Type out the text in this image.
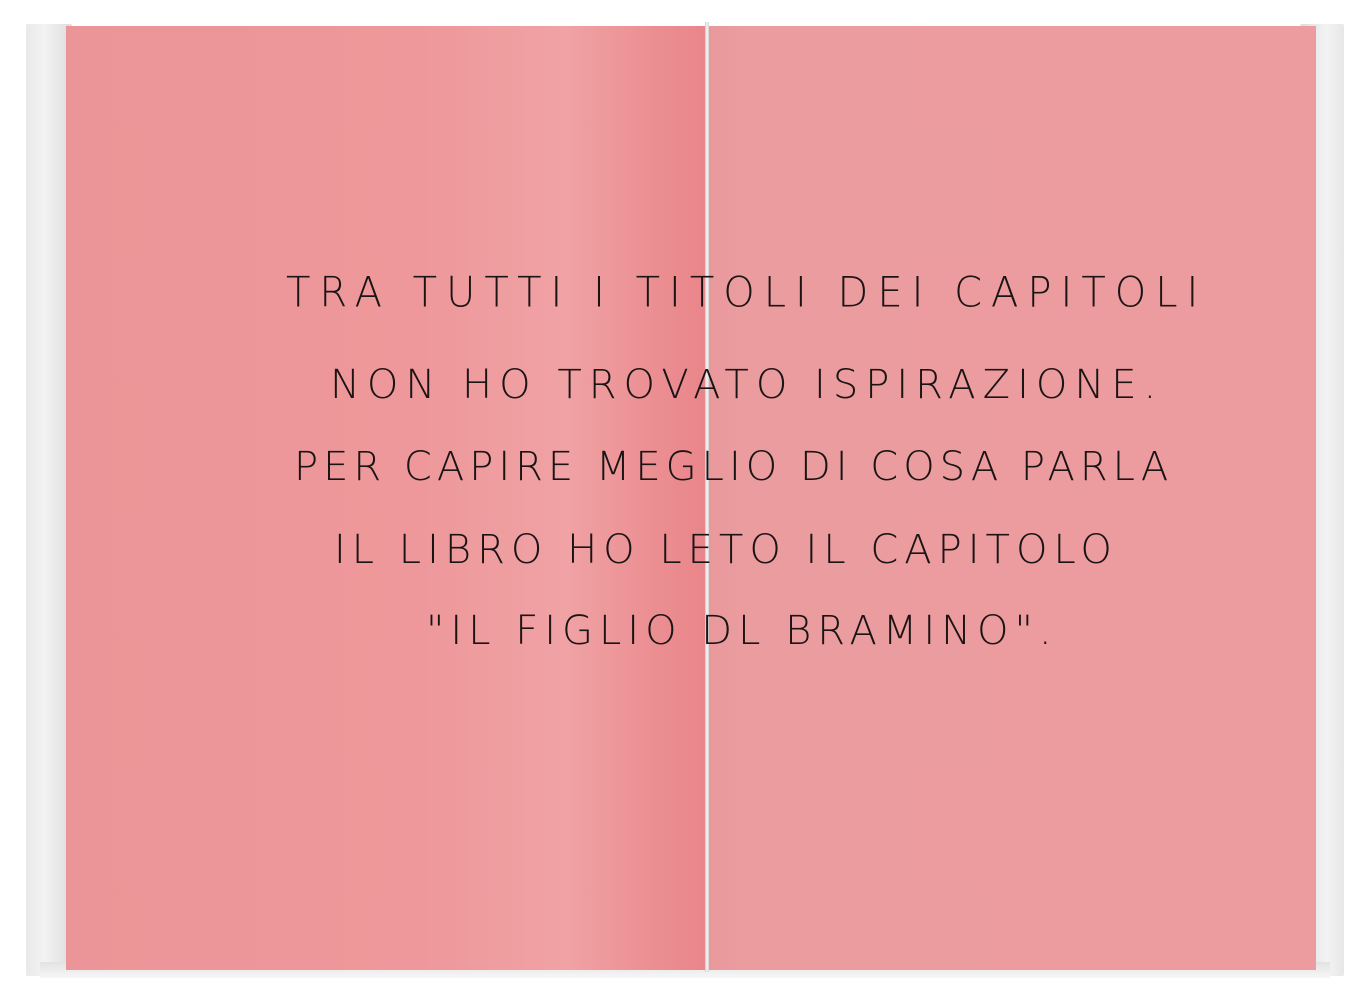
TRA TUTTI I TITOLI DEI CAPITOLI
NON HO TROVATO ISPIRAZIONE.
PER CAPIRE MEGLIO DI COSA PARLA
IL LIBRO HO LETO IL CAPITOLO
"IL FIGLIO DL BRAMINO".
